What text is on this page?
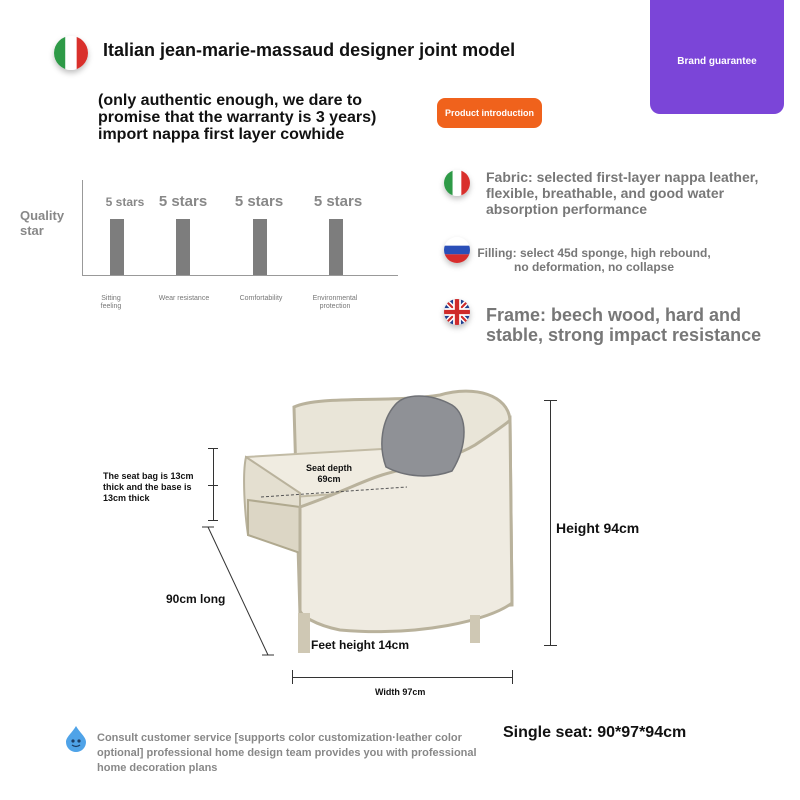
Brand guarantee
Italian jean-marie-massaud designer joint model
(only authentic enough, we dare to promise that the warranty is 3 years) import nappa first layer cowhide
Product introduction
Quality star
5 stars 5 stars	5 stars	5 stars
Sitting feeling
Wear resistance	Comfortability	Environmental protection
Fabric: selected first-layer nappa leather, flexible, breathable, and good water absorption performance
Filling: select 45d sponge, high rebound, no deformation, no collapse
Frame: beech wood, hard and stable, strong impact resistance
The seat bag is 13cm thick and the base is 13cm thick
Seat depth 69cm
90cm long
Height 94cm
Feet height 14cm
Width 97cm
Single seat: 90*97*94cm
Consult customer service [supports color customization·leather color optional] professional home design team provides you with professional home decoration plans
